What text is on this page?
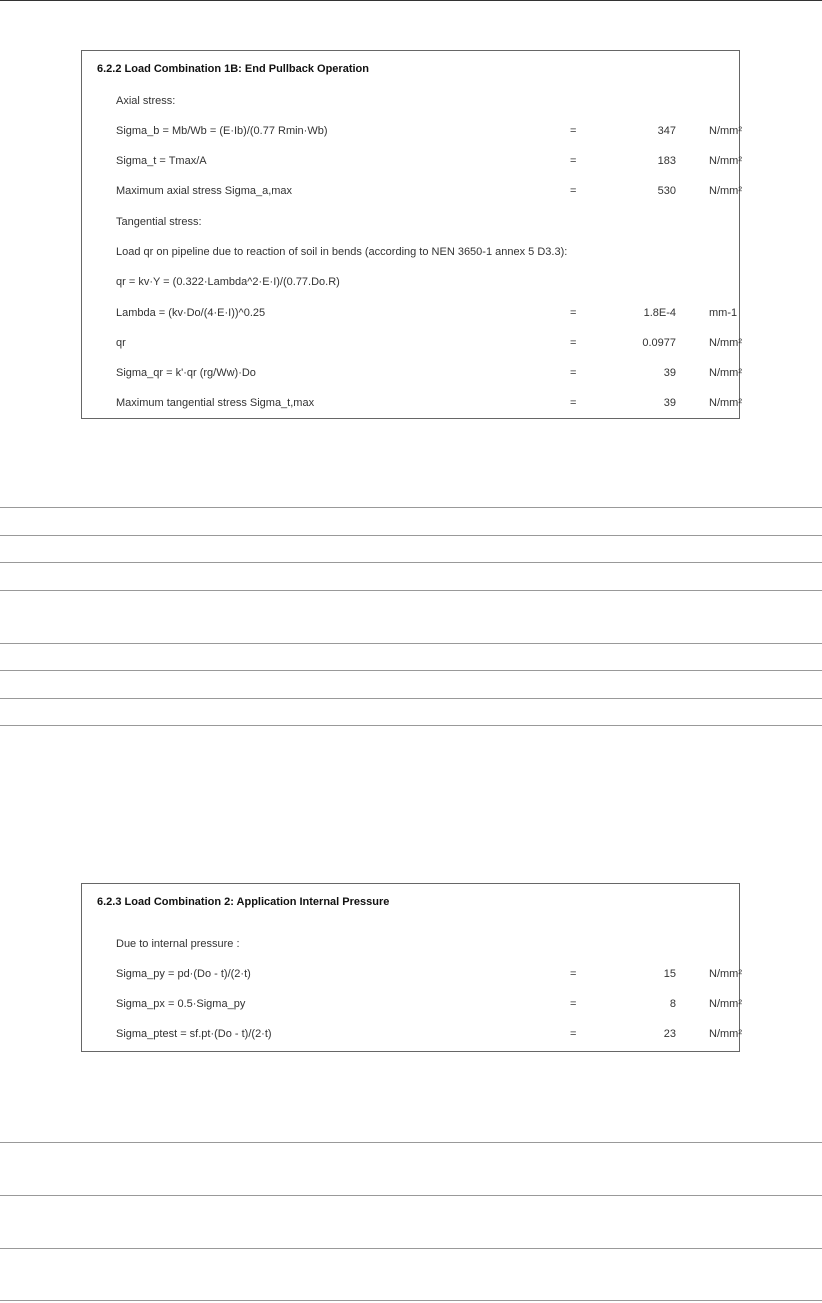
6.2.2 Load Combination 1B: End Pullback Operation
Axial stress:
Sigma_b = Mb/Wb = (E·Ib)/(0.77 Rmin·Wb)	=	347	N/mm²
Sigma_t = Tmax/A	=	183	N/mm²
Maximum axial stress Sigma_a,max	=	530	N/mm²
Tangential stress:
Load qr on pipeline due to reaction of soil in bends (according to NEN 3650-1 annex 5 D3.3):
qr = kv·Y = (0.322·Lambda^2·E·I)/(0.77.Do.R)
Lambda = (kv·Do/(4·E·I))^0.25	=	1.8E-4	mm-1
qr	=	0.0977	N/mm²
Sigma_qr = k'·qr (rg/Ww)·Do	=	39	N/mm²
Maximum tangential stress Sigma_t,max	=	39	N/mm²
6.2.3 Load Combination 2: Application Internal Pressure
Due to internal pressure :
Sigma_py = pd·(Do - t)/(2·t)	=	15	N/mm²
Sigma_px = 0.5·Sigma_py	=	8	N/mm²
Sigma_ptest = sf.pt·(Do - t)/(2·t)	=	23	N/mm²
